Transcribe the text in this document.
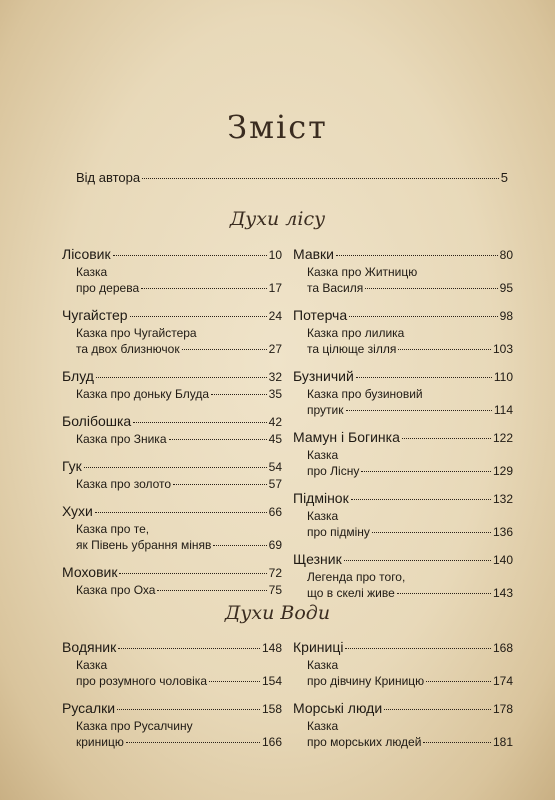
Зміст
Від автора	5
Духи лісу
Лісовик	10
Казка
про дерева	17
Чугайстер	24
Казка про Чугайстера
та двох близнючок	27
Блуд	32
Казка про доньку Блуда	35
Болібошка	42
Казка про Зника	45
Гук	54
Казка про золото	57
Хухи	66
Казка про те,
як Півень убрання міняв	69
Моховик	72
Казка про Оха	75
Мавки	80
Казка про Житницю
та Василя	95
Потерча	98
Казка про лилика
та цілюще зілля	103
Бузничий	110
Казка про бузиновий
прутик	114
Мамун і Богинка	122
Казка
про Лісну	129
Підмінок	132
Казка
про підміну	136
Щезник	140
Легенда про того,
що в скелі живе	143
Духи Води
Водяник	148
Казка
про розумного чоловіка	154
Русалки	158
Казка про Русалчину
криницю	166
Криниці	168
Казка
про дівчину Криницю	174
Морські люди	178
Казка
про морських людей	181
